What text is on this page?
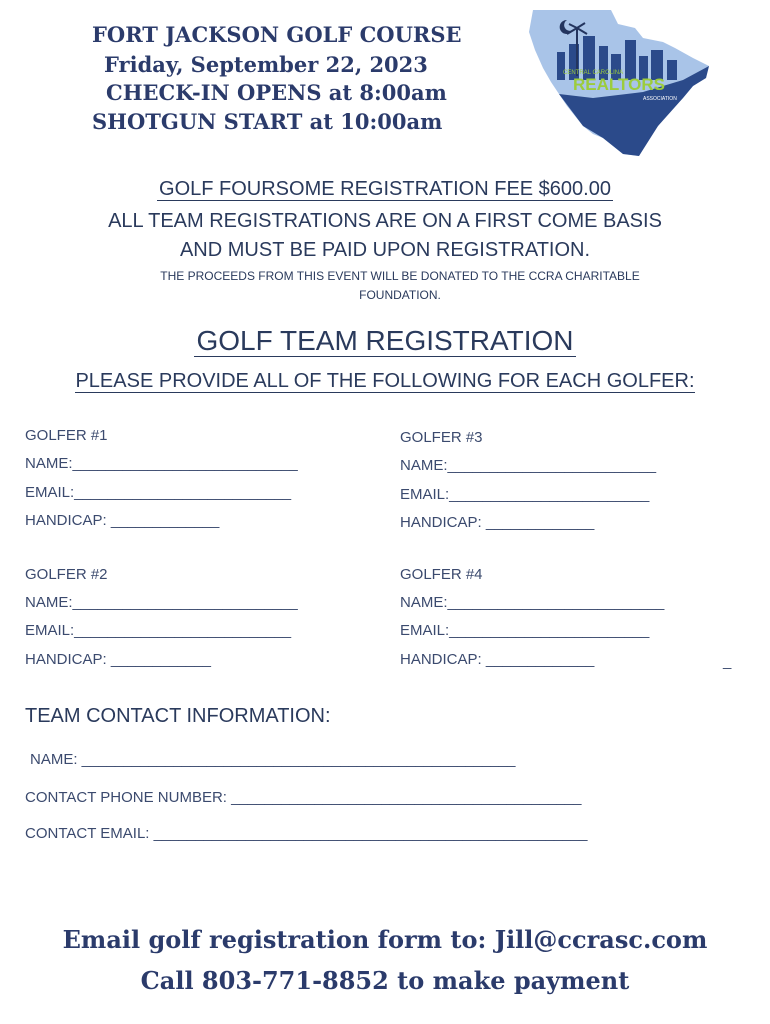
FORT JACKSON GOLF COURSE
Friday, September 22, 2023
CHECK-IN OPENS at 8:00am
SHOTGUN START at 10:00am
CENTRAL CAROLINA
REALTORS
ASSOCIATION
GOLF FOURSOME REGISTRATION FEE $600.00
ALL TEAM REGISTRATIONS ARE ON A FIRST COME BASIS
AND MUST BE PAID UPON REGISTRATION.
THE PROCEEDS FROM THIS EVENT WILL BE DONATED TO THE CCRA CHARITABLE FOUNDATION.
GOLF TEAM REGISTRATION
PLEASE PROVIDE ALL OF THE FOLLOWING FOR EACH GOLFER:
GOLFER #1
NAME:___________________________
EMAIL:__________________________
HANDICAP: _____________
GOLFER #2
NAME:___________________________
EMAIL:__________________________
HANDICAP: ____________
GOLFER #3
NAME:_________________________
EMAIL:________________________
HANDICAP: _____________
GOLFER #4
NAME:__________________________
EMAIL:________________________
HANDICAP: _____________	_
TEAM CONTACT INFORMATION:
NAME: ____________________________________________________
CONTACT PHONE NUMBER: __________________________________________
CONTACT EMAIL: ____________________________________________________
Email golf registration form to: Jill@ccrasc.com
Call 803-771-8852 to make payment
